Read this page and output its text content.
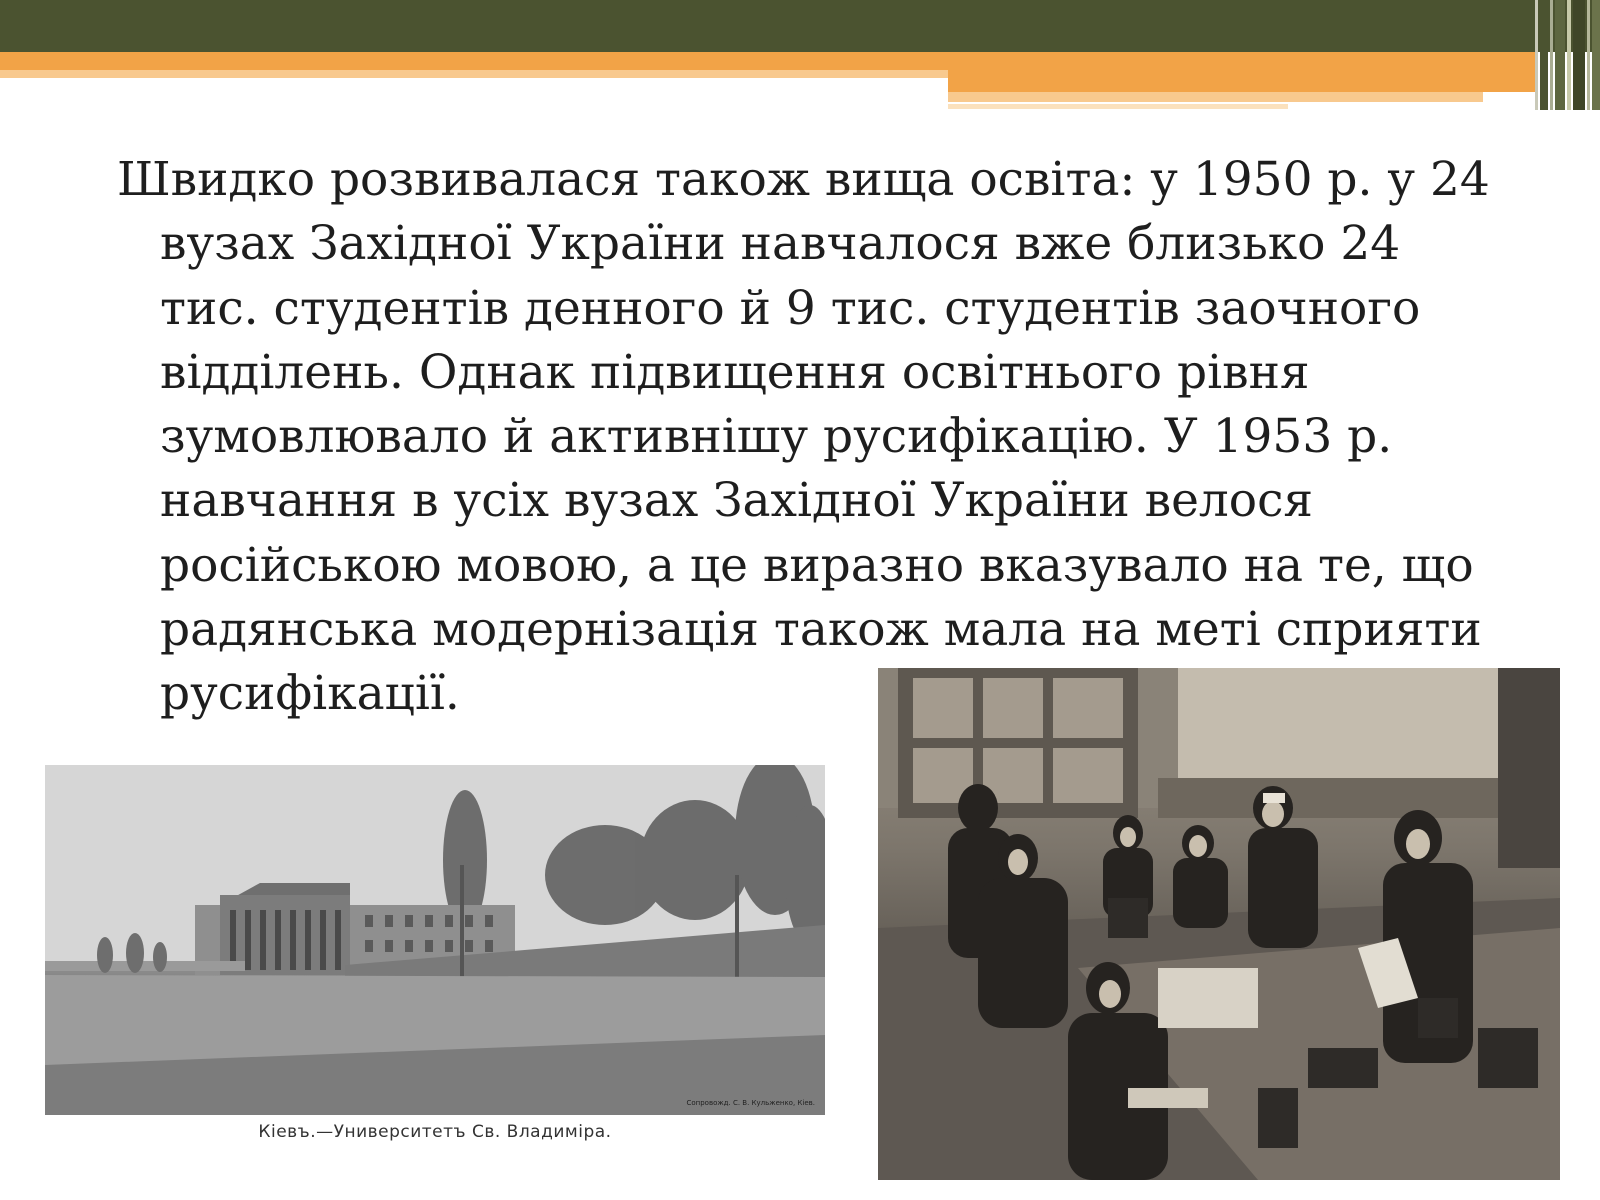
Швидко розвивалася також вища освіта: у 1950 р. у 24 вузах Західної України навчалося вже близько 24 тис. студентів денного й 9 тис. студентів заочного відділень. Однак підвищення освітнього рівня зумовлювало й активнішу русифікацію. У 1953 р. навчання в усіх вузах Західної України велося російською мовою, а це виразно вказувало на те, що радянська модернізація також мала на меті сприяти русифікації.

Сопровожд. С. В. Кульженко, Кіев.
Кіевъ.—Университетъ Св. Владиміра.
